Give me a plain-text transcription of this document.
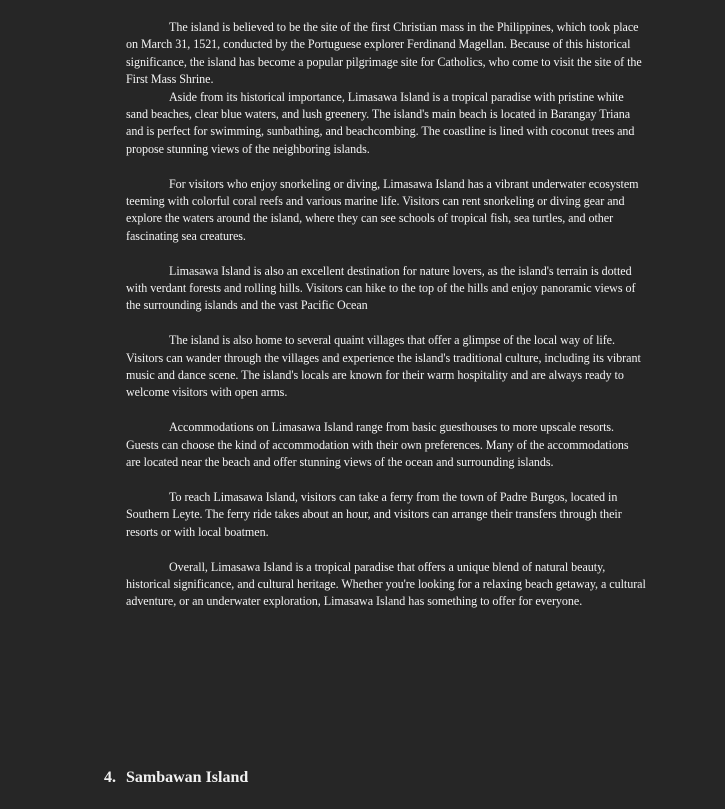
The island is believed to be the site of the first Christian mass in the Philippines, which took place on March 31, 1521, conducted by the Portuguese explorer Ferdinand Magellan. Because of this historical significance, the island has become a popular pilgrimage site for Catholics, who come to visit the site of the First Mass Shrine.

Aside from its historical importance, Limasawa Island is a tropical paradise with pristine white sand beaches, clear blue waters, and lush greenery. The island's main beach is located in Barangay Triana and is perfect for swimming, sunbathing, and beachcombing. The coastline is lined with coconut trees and propose stunning views of the neighboring islands.

For visitors who enjoy snorkeling or diving, Limasawa Island has a vibrant underwater ecosystem teeming with colorful coral reefs and various marine life. Visitors can rent snorkeling or diving gear and explore the waters around the island, where they can see schools of tropical fish, sea turtles, and other fascinating sea creatures.

Limasawa Island is also an excellent destination for nature lovers, as the island's terrain is dotted with verdant forests and rolling hills. Visitors can hike to the top of the hills and enjoy panoramic views of the surrounding islands and the vast Pacific Ocean

The island is also home to several quaint villages that offer a glimpse of the local way of life. Visitors can wander through the villages and experience the island's traditional culture, including its vibrant music and dance scene. The island's locals are known for their warm hospitality and are always ready to welcome visitors with open arms.

Accommodations on Limasawa Island range from basic guesthouses to more upscale resorts. Guests can choose the kind of accommodation with their own preferences. Many of the accommodations are located near the beach and offer stunning views of the ocean and surrounding islands.

To reach Limasawa Island, visitors can take a ferry from the town of Padre Burgos, located in Southern Leyte. The ferry ride takes about an hour, and visitors can arrange their transfers through their resorts or with local boatmen.

Overall, Limasawa Island is a tropical paradise that offers a unique blend of natural beauty, historical significance, and cultural heritage. Whether you're looking for a relaxing beach getaway, a cultural adventure, or an underwater exploration, Limasawa Island has something to offer for everyone.

4. Sambawan Island
